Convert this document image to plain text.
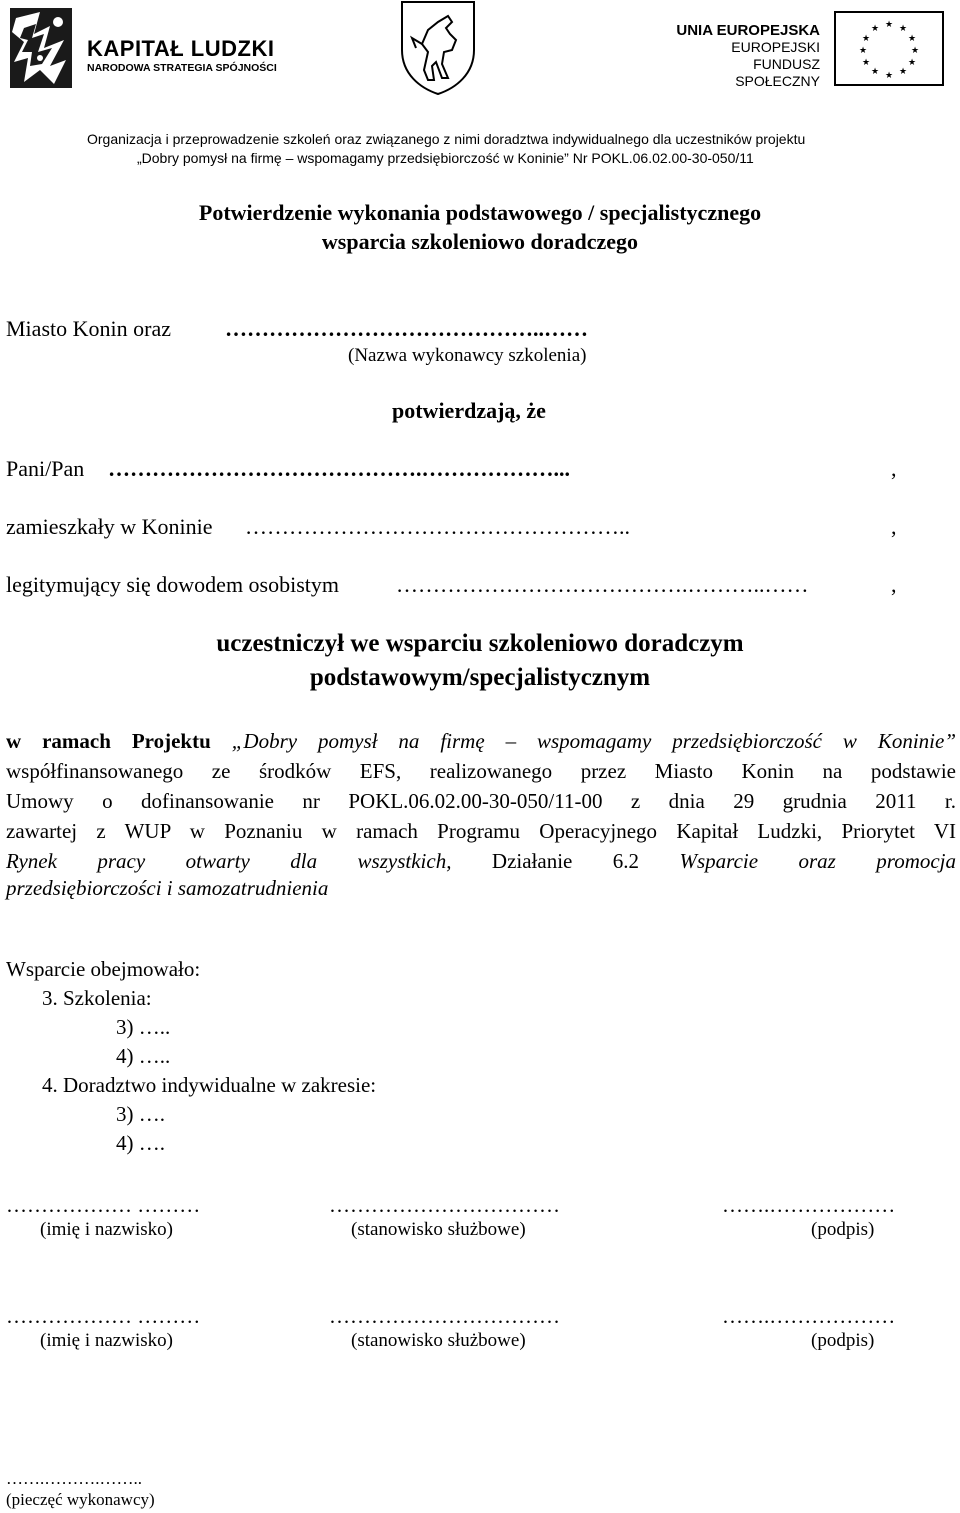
KAPITAŁ LUDZKI
NARODOWA STRATEGIA SPÓJNOŚCI
UNIA EUROPEJSKA
EUROPEJSKI
FUNDUSZ SPOŁECZNY
★ ★
★
★
★
★
★
★
★
★
★
★
Organizacja i przeprowadzenie szkoleń oraz związanego z nimi doradztwa indywidualnego dla uczestników projektu
„Dobry pomysł na firmę – wspomagamy przedsiębiorczość w Koninie” Nr POKL.06.02.00-30-050/11
Potwierdzenie wykonania podstawowego / specjalistycznego
wsparcia szkoleniowo doradczego
Miasto Konin oraz ……………………………………..……
(Nazwa wykonawcy szkolenia)
potwierdzają, że
Pani/Pan …………………………………….………………...	,
zamieszkały w Koninie ……………………………………………..	,
legitymujący się dowodem osobistym	………………………………….………..……	,
uczestniczył we wsparciu szkoleniowo doradczym
podstawowym/specjalistycznym
w ramach Projektu „Dobry pomysł na firmę – wspomagamy przedsiębiorczość w Koninie”
współfinansowanego ze środków EFS, realizowanego przez Miasto Konin na podstawie
Umowy o dofinansowanie nr POKL.06.02.00-30-050/11-00 z dnia 29 grudnia 2011 r.
zawartej z WUP w Poznaniu w ramach Programu Operacyjnego Kapitał Ludzki, Priorytet VI
Rynek pracy otwarty dla wszystkich, Działanie 6.2 Wsparcie oraz promocja
przedsiębiorczości i samozatrudnienia
Wsparcie obejmowało:
3. Szkolenia:
3) …..
4) …..
4. Doradztwo indywidualne w zakresie:
3) ….
4) ….
……………… ………	……………………………	…….………………
(imię i nazwisko)	(stanowisko służbowe)	(podpis)
……………… ………	……………………………	…….………………
(imię i nazwisko)	(stanowisko służbowe)	(podpis)
…….……….……..
(pieczęć wykonawcy)
